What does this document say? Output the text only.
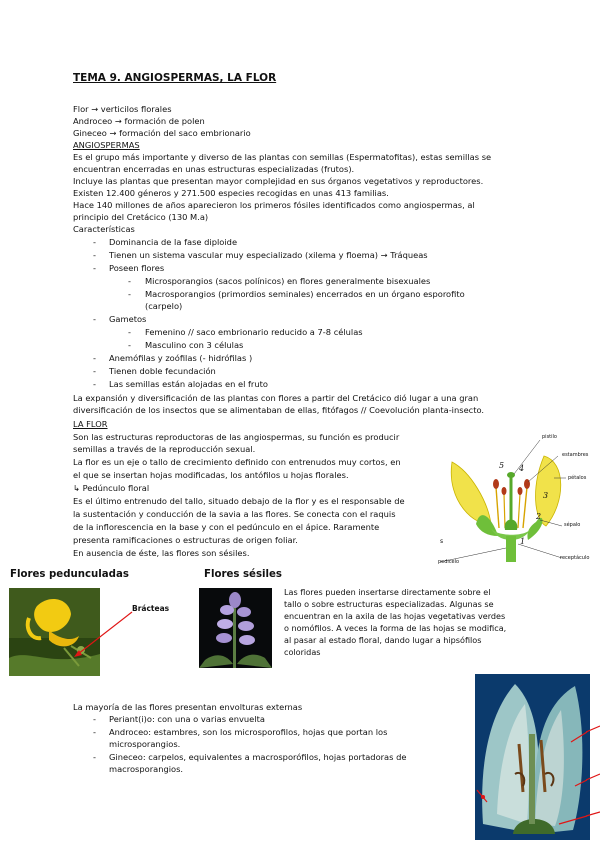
TEMA 9. ANGIOSPERMAS, LA FLOR
Flor → verticilos florales
Androceo → formación de polen
Gineceo → formación del saco embrionario
ANGIOSPERMAS
Es el grupo más importante y diverso de las plantas con semillas (Espermatofitas), estas semillas se
encuentran encerradas en unas estructuras especializadas (frutos).
Incluye las plantas que presentan mayor complejidad en sus órganos vegetativos y reproductores.
Existen 12.400 géneros y 271.500 especies recogidas en unas 413 familias.
Hace 140 millones de años aparecieron los primeros fósiles identificados como angiospermas, al
principio del Cretácico (130 M.a)
Características
- Dominancia de la fase diploide
- Tienen un sistema vascular muy especializado (xilema y floema) → Tráqueas
- Poseen flores
- Microsporangios (sacos polínicos) en flores generalmente bisexuales
- Macrosporangios (primordios seminales) encerrados en un órgano esporofito
(carpelo)
- Gametos
- Femenino // saco embrionario reducido a 7-8 células
- Masculino con 3 células
- Anemófilas y zoófilas (- hidrófilas )
- Tienen doble fecundación
- Las semillas están alojadas en el fruto
La expansión y diversificación de las plantas con flores a partir del Cretácico dió lugar a una gran
diversificación de los insectos que se alimentaban de ellas, fitófagos // Coevolución planta-insecto.
LA FLOR
Son las estructuras reproductoras de las angiospermas, su función es producir
semillas a través de la reproducción sexual.
La flor es un eje o tallo de crecimiento definido con entrenudos muy cortos, en
el que se insertan hojas modificadas, los antófilos u hojas florales.
↳ Pedúnculo floral
Es el último entrenudo del tallo, situado debajo de la flor y es el responsable de
la sustentación y conducción de la savia a las flores. Se conecta con el raquis
de la inflorescencia en la base y con el pedúnculo en el ápice. Raramente
presenta ramificaciones o estructuras de origen foliar.
En ausencia de éste, las flores son sésiles.
pistilo
estambres
pétalos
sépalo
receptáculo
pedicelo
1
2
3
4
5
s
Flores pedunculadas	Flores sésiles
Brácteas
Las flores pueden insertarse directamente sobre el
tallo o sobre estructuras especializadas. Algunas se
encuentran en la axila de las hojas vegetativas verdes
o nomófilos. A veces la forma de las hojas se modifica,
al pasar al estado floral, dando lugar a hipsófilos
coloridas
La mayoría de las flores presentan envolturas externas
- Periant(i)o: con una o varias envuelta
- Androceo: estambres, son los microsporofilos, hojas que portan los
microsporangios.
- Gineceo: carpelos, equivalentes a macrosporófilos, hojas portadoras de
macrosporangios.
